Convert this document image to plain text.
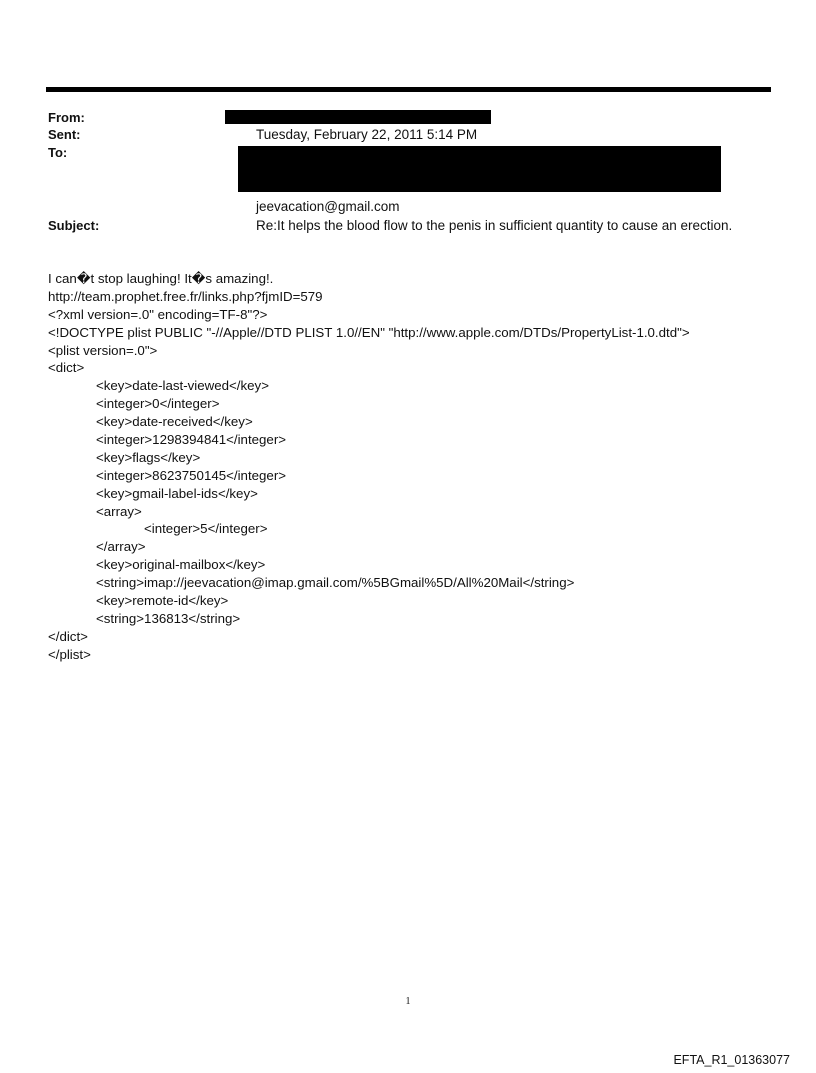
From:
Sent:	Tuesday, February 22, 2011 5:14 PM
To:
jeevacation@gmail.com
Subject:	Re:It helps the blood flow to the penis in sufficient quantity to cause an erection.
I can�t stop laughing! It�s amazing!.
http://team.prophet.free.fr/links.php?fjmID=579
<?xml version=.0" encoding=TF-8"?>
<!DOCTYPE plist PUBLIC "-//Apple//DTD PLIST 1.0//EN" "http://www.apple.com/DTDs/PropertyList-1.0.dtd">
<plist version=.0">
<dict>
<key>date-last-viewed</key>
<integer>0</integer>
<key>date-received</key>
<integer>1298394841</integer>
<key>flags</key>
<integer>8623750145</integer>
<key>gmail-label-ids</key>
<array>
<integer>5</integer>
</array>
<key>original-mailbox</key>
<string>imap://jeevacation@imap.gmail.com/%5BGmail%5D/All%20Mail</string>
<key>remote-id</key>
<string>136813</string>
</dict>
</plist>
1
EFTA_R1_01363077
